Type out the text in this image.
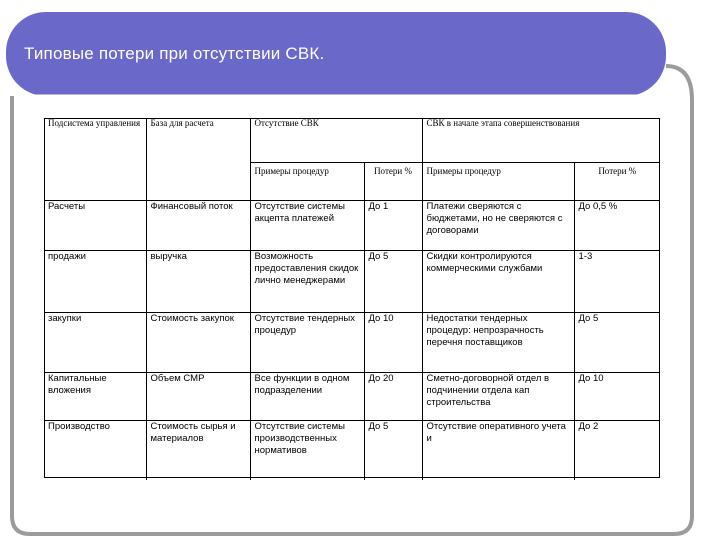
Типовые потери при отсутствии СВК.
Подсистема управления	База для расчета	Отсутствие СВК		СВК в начале этапа совершенствования	
		Примеры процедур	Потери %	Примеры процедур	Потери %
Расчеты	Финансовый поток	Отсутствие системы акцепта платежей	До 1	Платежи сверяются с бюджетами, но не сверяются с договорами	До 0,5 %
продажи	выручка	Возможность предоставления скидок лично менеджерами	До 5	Скидки контролируются коммерческими службами	1-3
закупки	Стоимость закупок	Отсутствие тендерных процедур	До 10	Недостатки тендерных процедур: непрозрачность перечня поставщиков	До 5
Капитальные вложения	Объем СМР	Все функции в одном подразделении	До 20	Сметно-договорной отдел в подчинении отдела кап строительства	До 10
Производство	Стоимость сырья и материалов	Отсутствие системы производственных нормативов	До 5	Отсутствие оперативного учета и	До 2
